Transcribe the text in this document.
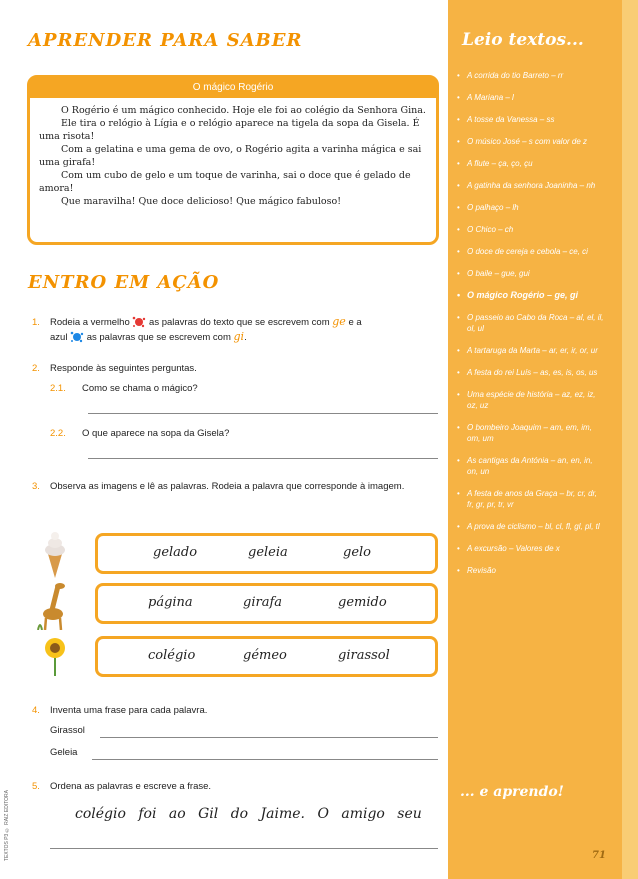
APRENDER PARA SABER
O mágico Rogério

O Rogério é um mágico conhecido. Hoje ele foi ao colégio da Senhora Gina.

Ele tira o relógio à Lígia e o relógio aparece na tigela da sopa da Gisela. É uma risota!

Com a gelatina e uma gema de ovo, o Rogério agita a varinha mágica e sai uma girafa!

Com um cubo de gelo e um toque de varinha, sai o doce que é gelado de amora!

Que maravilha! Que doce delicioso! Que mágico fabuloso!

ENTRO EM AÇÃO
1. Rodeia a vermelho as palavras do texto que se escrevem com ge e a
azul as palavras que se escrevem com gi.
2. Responde às seguintes perguntas.
2.1. Como se chama o mágico?
2.2. O que aparece na sopa da Gisela?
3. Observa as imagens e lê as palavras. Rodeia a palavra que corresponde à imagem.
gelado	geleia	gelo
página	girafa	gemido
colégio	gémeo	girassol
4. Inventa uma frase para cada palavra.
Girassol
Geleia
5. Ordena as palavras e escreve a frase.
colégio foi ao Gil do Jaime. O amigo seu
TEXTOS P3 © RAIZ EDITORA
Leio textos...
• A corrida do tio Barreto – rr
• A Mariana – l
• A tosse da Vanessa – ss
• O músico José – s com valor de z
• A flute – ça, ço, çu
• A gatinha da senhora Joaninha – nh
• O palhaço – lh
• O Chico – ch
• O doce de cereja e cebola – ce, ci
• O baile – gue, gui
• O mágico Rogério – ge, gi
• O passeio ao Cabo da Roca – al, el, il, ol, ul
• A tartaruga da Marta – ar, er, ir, or, ur
• A festa do rei Luís – as, es, is, os, us
• Uma espécie de história – az, ez, iz, oz, uz
• O bombeiro Joaquim – am, em, im, om, um
• As cantigas da Antónia – an, en, in, on, un
• A festa de anos da Graça – br, cr, dr, fr, gr, pr, tr, vr
• A prova de ciclismo – bl, cl, fl, gl, pl, tl
• A excursão – Valores de x
• Revisão
... e aprendo!
71
